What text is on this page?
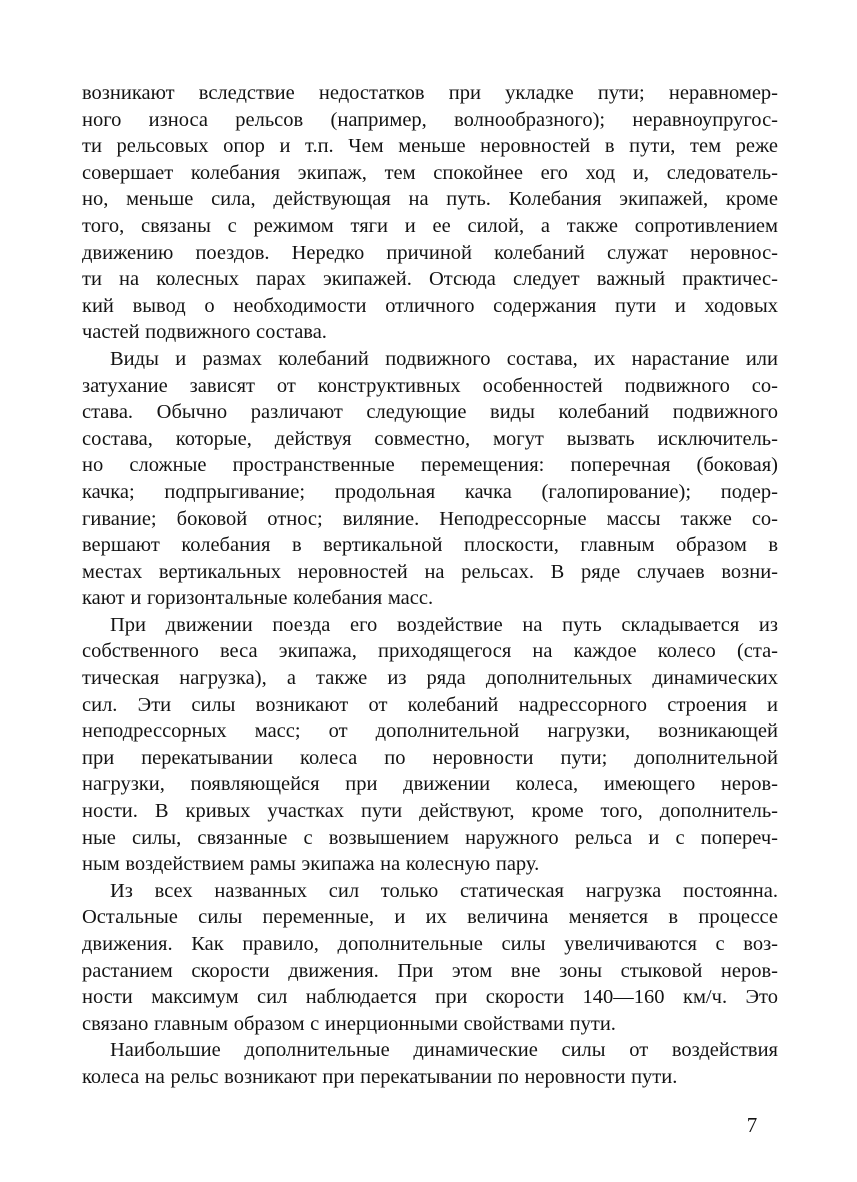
возникают вследствие недостатков при укладке пути; неравномер-
ного износа рельсов (например, волнообразного); неравноупругос-
ти рельсовых опор и т.п. Чем меньше неровностей в пути, тем реже
совершает колебания экипаж, тем спокойнее его ход и, следователь-
но, меньше сила, действующая на путь. Колебания экипажей, кроме
того, связаны с режимом тяги и ее силой, а также сопротивлением
движению поездов. Нередко причиной колебаний служат неровнос-
ти на колесных парах экипажей. Отсюда следует важный практичес-
кий вывод о необходимости отличного содержания пути и ходовых
частей подвижного состава.
Виды и размах колебаний подвижного состава, их нарастание или
затухание зависят от конструктивных особенностей подвижного со-
става. Обычно различают следующие виды колебаний подвижного
состава, которые, действуя совместно, могут вызвать исключитель-
но сложные пространственные перемещения: поперечная (боковая)
качка; подпрыгивание; продольная качка (галопирование); подер-
гивание; боковой относ; виляние. Неподрессорные массы также со-
вершают колебания в вертикальной плоскости, главным образом в
местах вертикальных неровностей на рельсах. В ряде случаев возни-
кают и горизонтальные колебания масс.
При движении поезда его воздействие на путь складывается из
собственного веса экипажа, приходящегося на каждое колесо (ста-
тическая нагрузка), а также из ряда дополнительных динамических
сил. Эти силы возникают от колебаний надрессорного строения и
неподрессорных масс; от дополнительной нагрузки, возникающей
при перекатывании колеса по неровности пути; дополнительной
нагрузки, появляющейся при движении колеса, имеющего неров-
ности. В кривых участках пути действуют, кроме того, дополнитель-
ные силы, связанные с возвышением наружного рельса и с попереч-
ным воздействием рамы экипажа на колесную пару.
Из всех названных сил только статическая нагрузка постоянна.
Остальные силы переменные, и их величина меняется в процессе
движения. Как правило, дополнительные силы увеличиваются с воз-
растанием скорости движения. При этом вне зоны стыковой неров-
ности максимум сил наблюдается при скорости 140—160 км/ч. Это
связано главным образом с инерционными свойствами пути.
Наибольшие дополнительные динамические силы от воздействия
колеса на рельс возникают при перекатывании по неровности пути.
7
